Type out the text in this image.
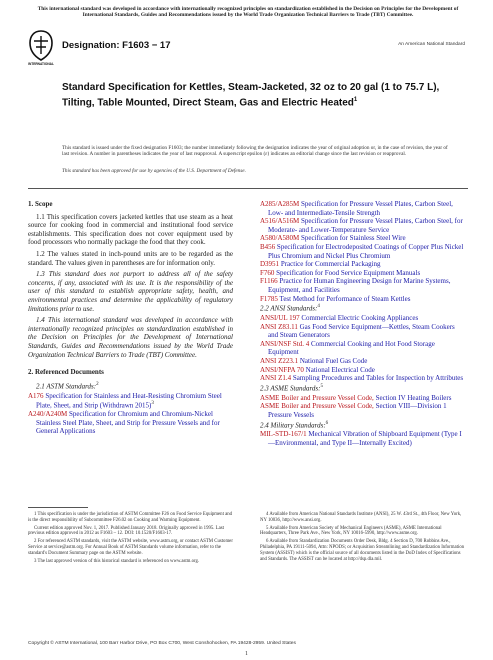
This international standard was developed in accordance with internationally recognized principles on standardization established in the Decision on Principles for the Development of International Standards, Guides and Recommendations issued by the World Trade Organization Technical Barriers to Trade (TBT) Committee.
INTERNATIONAL
Designation: F1603 − 17	An American National Standard
Standard Specification for Kettles, Steam-Jacketed, 32 oz to 20 gal (1 to 75.7 L), Tilting, Table Mounted, Direct Steam, Gas and Electric Heated$^1$
This standard is issued under the fixed designation F1603; the number immediately following the designation indicates the year of original adoption or, in the case of revision, the year of last revision. A number in parentheses indicates the year of last reapproval. A superscript epsilon (ε) indicates an editorial change since the last revision or reapproval.
This standard has been approved for use by agencies of the U.S. Department of Defense.
1. Scope
1.1 This specification covers jacketed kettles that use steam as a heat source for cooking food in commercial and institutional food service establishments. This specification does not cover equipment used by food processors who normally package the food that they cook.
1.2 The values stated in inch-pound units are to be regarded as the standard. The values given in parentheses are for information only.
1.3 This standard does not purport to address all of the safety concerns, if any, associated with its use. It is the responsibility of the user of this standard to establish appropriate safety, health, and environmental practices and determine the applicability of regulatory limitations prior to use.
1.4 This international standard was developed in accordance with internationally recognized principles on standardization established in the Decision on Principles for the Development of International Standards, Guides and Recommendations issued by the World Trade Organization Technical Barriers to Trade (TBT) Committee.
2. Referenced Documents
2.1 ASTM Standards:$^2$
A176 Specification for Stainless and Heat-Resisting Chromium Steel Plate, Sheet, and Strip (Withdrawn 2015)$^3$
A240/A240M Specification for Chromium and Chromium-Nickel Stainless Steel Plate, Sheet, and Strip for Pressure Vessels and for General Applications
A285/A285M Specification for Pressure Vessel Plates, Carbon Steel, Low- and Intermediate-Tensile Strength
A516/A516M Specification for Pressure Vessel Plates, Carbon Steel, for Moderate- and Lower-Temperature Service
A580/A580M Specification for Stainless Steel Wire
B456 Specification for Electrodeposited Coatings of Copper Plus Nickel Plus Chromium and Nickel Plus Chromium
D3951 Practice for Commercial Packaging
F760 Specification for Food Service Equipment Manuals
F1166 Practice for Human Engineering Design for Marine Systems, Equipment, and Facilities
F1785 Test Method for Performance of Steam Kettles
2.2 ANSI Standards:$^4$
ANSI/UL 197 Commercial Electric Cooking Appliances
ANSI Z83.11 Gas Food Service Equipment—Kettles, Steam Cookers and Steam Generators
ANSI/NSF Std. 4 Commercial Cooking and Hot Food Storage Equipment
ANSI Z223.1 National Fuel Gas Code
ANSI/NFPA 70 National Electrical Code
ANSI Z1.4 Sampling Procedures and Tables for Inspection by Attributes
2.3 ASME Standards:$^5$
ASME Boiler and Pressure Vessel Code, Section IV Heating Boilers
ASME Boiler and Pressure Vessel Code, Section VIII—Division 1 Pressure Vessels
2.4 Military Standards:$^6$
MIL-STD-167/1 Mechanical Vibration of Shipboard Equipment (Type I—Environmental, and Type II—Internally Excited)
1 This specification is under the jurisdiction of ASTM Committee F26 on Food Service Equipment and is the direct responsibility of Subcommittee F26.02 on Cooking and Warming Equipment.
Current edition approved Nov. 1, 2017. Published January 2018. Originally approved in 1995. Last previous edition approved in 2012 as F1603 – 12. DOI: 10.1520/F1603-17.
2 For referenced ASTM standards, visit the ASTM website, www.astm.org, or contact ASTM Customer Service at service@astm.org. For Annual Book of ASTM Standards volume information, refer to the standard's Document Summary page on the ASTM website.
3 The last approved version of this historical standard is referenced on www.astm.org.
4 Available from American National Standards Institute (ANSI), 25 W. 43rd St., 4th Floor, New York, NY 10036, http://www.ansi.org.
5 Available from American Society of Mechanical Engineers (ASME), ASME International Headquarters, Three Park Ave., New York, NY 10016-5990, http://www.asme.org.
6 Available from Standardization Documents Order Desk, Bldg. 4 Section D, 700 Robbins Ave., Philadelphia, PA 19111-5094, Attn: NPODS; or Acquisition Streamlining and Standardization Information System (ASSIST) which is the official source of all documents listed in the DoD Index of Specifications and Standards. The ASSIST can be located at http://dsp.dla.mil.
Copyright © ASTM International, 100 Barr Harbor Drive, PO Box C700, West Conshohocken, PA 19428-2959. United States
1
